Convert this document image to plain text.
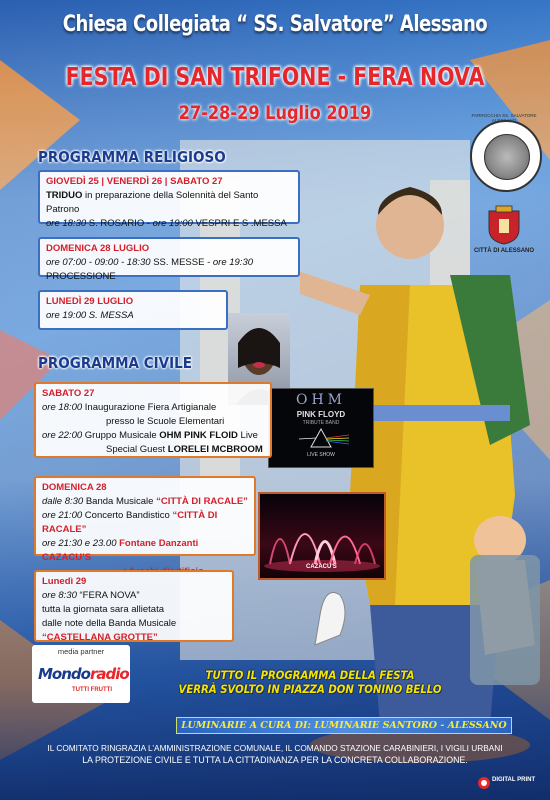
Chiesa Collegiata “ SS. Salvatore” Alessano
FESTA DI SAN TRIFONE - FERA NOVA
27-28-29 Luglio 2019	PARROCCHIA SS. SALVATORE ALESSANO
CITTÀ DI ALESSANO
PROGRAMMA RELIGIOSO
GIOVEDÌ 25 | VENERDÌ 26 | SABATO 27
TRIDUO in preparazione della Solennità del Santo Patrono
ore 18:30 S. ROSARIO - ore 19:00 VESPRI E S .MESSA
DOMENICA 28 LUGLIO
ore 07:00 - 09:00 - 18:30 SS. MESSE - ore 19:30 PROCESSIONE
LUNEDÌ 29 LUGLIO
ore 19:00 S. MESSA
OHM
PINK FLOYD
TRIBUTE BAND
LIVE SHOW
PROGRAMMA CIVILE
SABATO 27
ore 18:00 Inaugurazione Fiera Artigianale
presso le Scuole Elementari
ore 22:00 Gruppo Musicale OHM PINK FLOID Live
Special Guest LORELEI MCBROOM
DOMENICA 28
dalle 8:30 Banda Musicale “CITTÀ DI RACALE”
ore 21:00 Concerto Bandistico “CITTÀ DI RACALE”
ore 21:30 e 23.00 Fontane Danzanti CAZACU’S
CAZACU'S
Lunedì 29
ore 8:30 “FERA NOVA”
tutta la giornata sara allietata
dalle note della Banda Musicale
“CASTELLANA GROTTE”
media partner
Mondoradio
TUTTI FRUTTI
TUTTO IL PROGRAMMA DELLA FESTA
VERRÀ SVOLTO IN PIAZZA DON TONINO BELLO
LUMINARIE A CURA DI: LUMINARIE SANTORO - ALESSANO
IL COMITATO RINGRAZIA L’AMMINISTRAZIONE COMUNALE, IL COMANDO STAZIONE CARABINIERI, I VIGILI URBANI
LA PROTEZIONE CIVILE E TUTTA LA CITTADINANZA PER LA CONCRETA COLLABORAZIONE.
DIGITAL PRINT
